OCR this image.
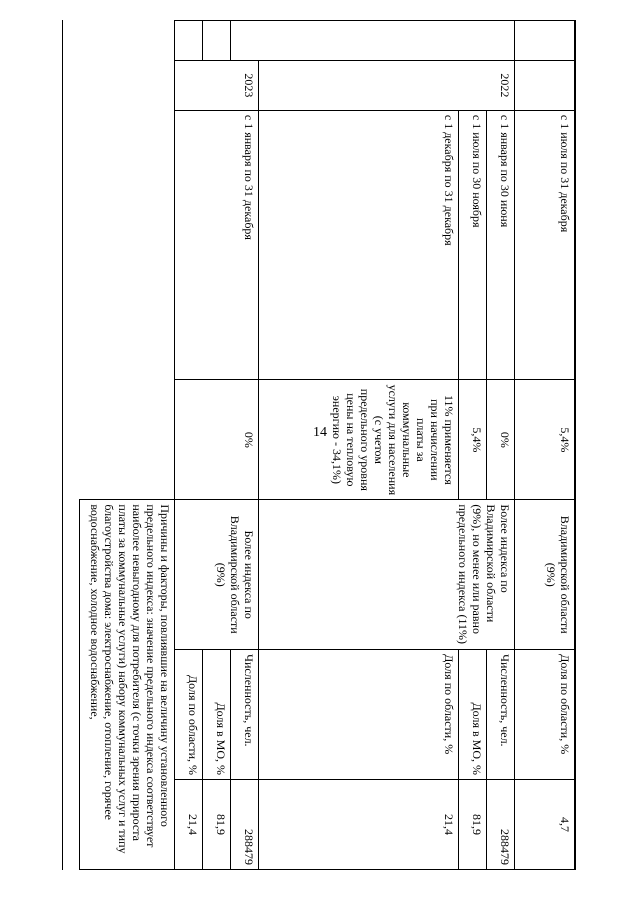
14
		с 1 июля по 31 декабря	5,4%	Владимирской области (9%)	Доля по области, %	4,7
	2022	с 1 января по 30 июня	0%	Более индекса по Владимирской области (9%), но менее или равно предельного индекса (11%)	Численность, чел.	288479
		с 1 июля по 30 ноября	5,4%		Доля в МО, %	81,9
		с 1 декабря по 31 декабря	11% применяется при начислении платы за коммунальные услуги для населения (с учетом предельного уровня цены на тепловую энергию - 34,1%)		Доля по области, %	21,4
	2023	с 1 января по 31 декабря	0%	Более индекса по Владимирской области (9%)	Численность, чел.	288479
					Доля в МО, %	81,9
					Доля по области, %	21,4
				Причины и факторы, повлиявшие на величину установленного предельного индекса: значение предельного индекса соответствует наиболее невыгодному для потребителя (с точки зрения прироста платы за коммунальные услуги) набору коммунальных услуг и типу благоустройства дома: электроснабжение, отопление, горячее водоснабжение, холодное водоснабжение,		
